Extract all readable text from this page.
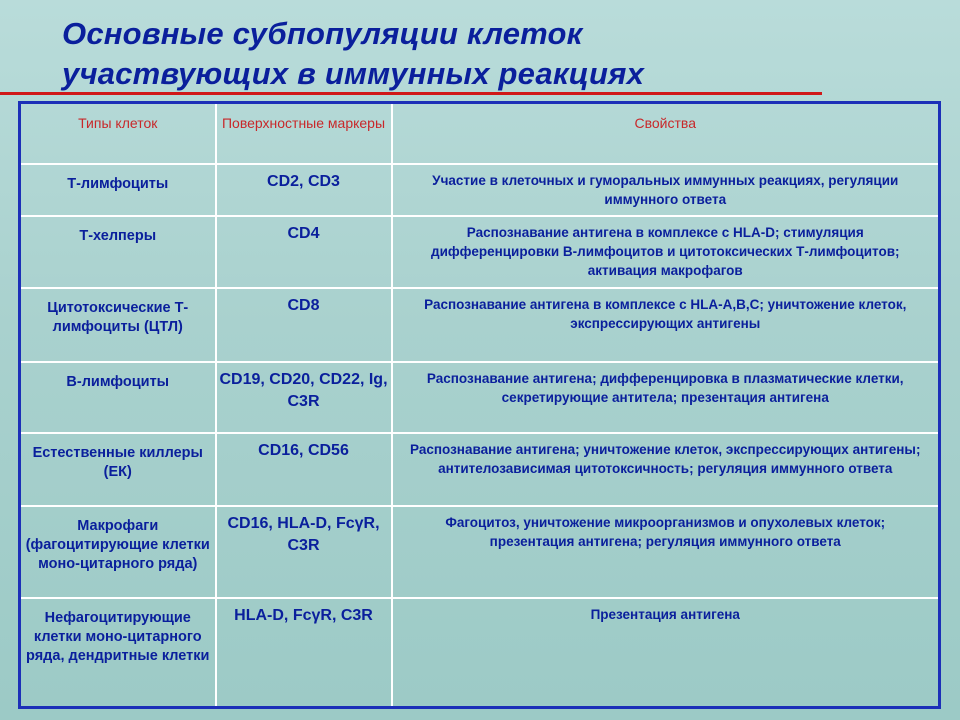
Основные субпопуляции клеток
участвующих в иммунных реакциях
Типы клеток	Поверхностные маркеры	Свойства
Т-лимфоциты	CD2, CD3	Участие в клеточных и гуморальных иммунных реакциях, регуляции иммунного ответа
Т-хелперы	CD4	Распознавание антигена в комплексе с HLA-D; стимуляция дифференцировки В-лимфоцитов и цитотоксических Т-лимфоцитов; активация макрофагов
Цитотоксические Т-лимфоциты (ЦТЛ)	CD8	Распознавание антигена в комплексе с HLA-A,B,C; уничтожение клеток, экспрессирующих антигены
В-лимфоциты	CD19, CD20, CD22, Ig, C3R	Распознавание антигена; дифференцировка в плазматические клетки, секретирующие антитела; презентация антигена
Естественные киллеры (ЕК)	CD16, CD56	Распознавание антигена; уничтожение клеток, экспрессирующих антигены; антителозависимая цитотоксичность; регуляция иммунного ответа
Макрофаги (фагоцитирующие клетки моно-цитарного ряда)	CD16, HLA-D, FcγR, C3R	Фагоцитоз, уничтожение микроорганизмов и опухолевых клеток; презентация антигена; регуляция иммунного ответа
Нефагоцитирующие клетки моно-цитарного ряда, дендритные клетки	HLA-D, FcγR, C3R	Презентация антигена
